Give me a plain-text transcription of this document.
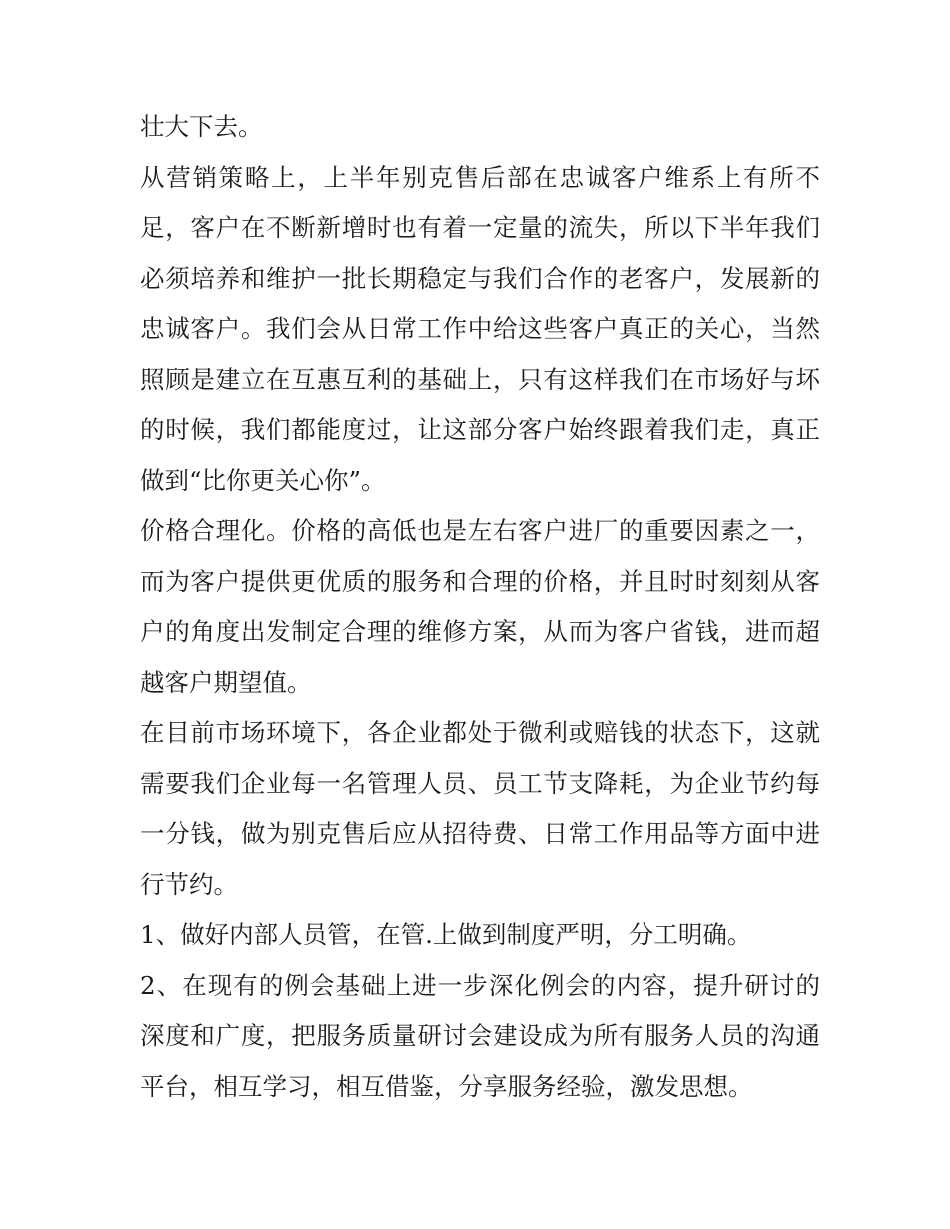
壮大下去。
从营销策略上，上半年别克售后部在忠诚客户维系上有所不
足，客户在不断新增时也有着一定量的流失，所以下半年我们
必须培养和维护一批长期稳定与我们合作的老客户，发展新的
忠诚客户。我们会从日常工作中给这些客户真正的关心，当然
照顾是建立在互惠互利的基础上，只有这样我们在市场好与坏
的时候，我们都能度过，让这部分客户始终跟着我们走，真正
做到“比你更关心你”。
价格合理化。价格的高低也是左右客户进厂的重要因素之一，
而为客户提供更优质的服务和合理的价格，并且时时刻刻从客
户的角度出发制定合理的维修方案，从而为客户省钱，进而超
越客户期望值。
在目前市场环境下，各企业都处于微利或赔钱的状态下，这就
需要我们企业每一名管理人员、员工节支降耗，为企业节约每
一分钱，做为别克售后应从招待费、日常工作用品等方面中进
行节约。
1、做好内部人员管，在管.上做到制度严明，分工明确。
2、在现有的例会基础上进一步深化例会的内容，提升研讨的
深度和广度，把服务质量研讨会建设成为所有服务人员的沟通
平台，相互学习，相互借鉴，分享服务经验，激发思想。
